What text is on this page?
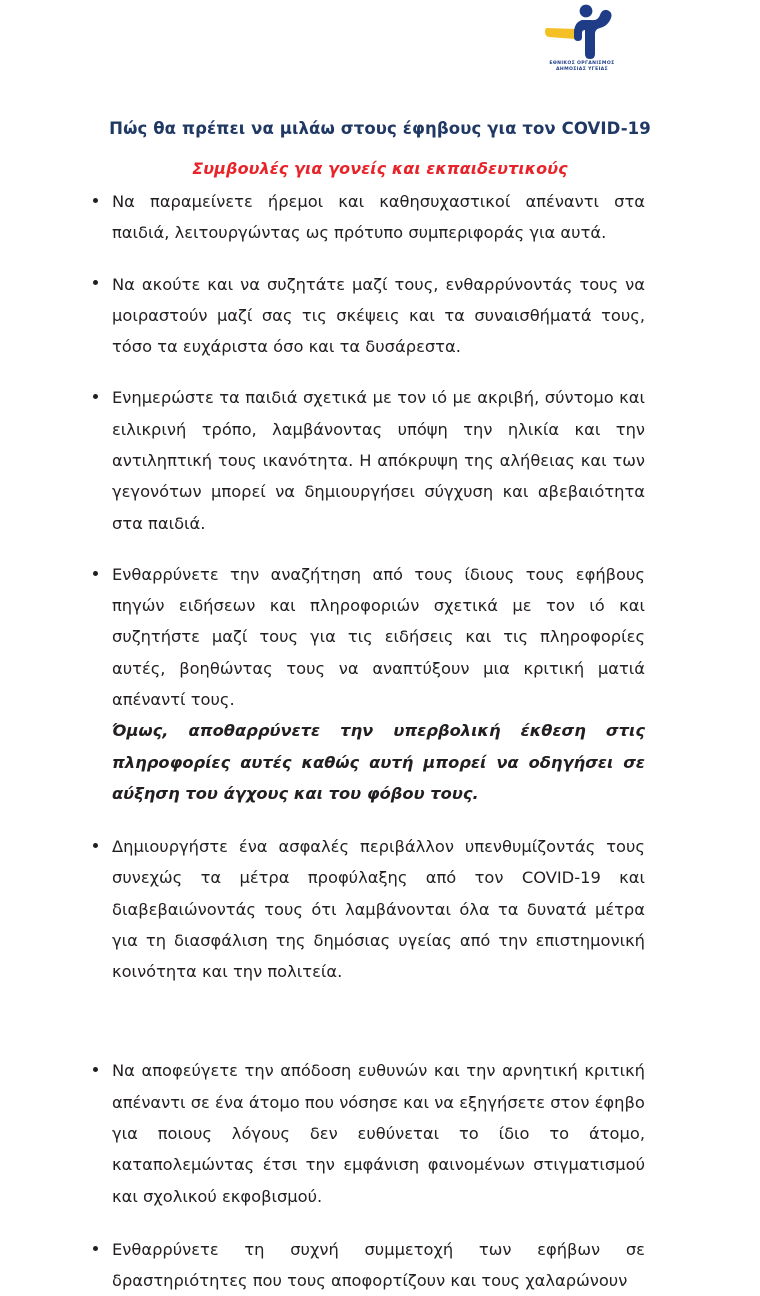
ΕΘΝΙΚΟΣ ΟΡΓΑΝΙΣΜΟΣ
ΔΗΜΟΣΙΑΣ ΥΓΕΙΑΣ
Πώς θα πρέπει να μιλάω στους έφηβους για τον COVID-19
Συμβουλές για γονείς και εκπαιδευτικούς
Να παραμείνετε ήρεμοι και καθησυχαστικοί απέναντι στα παιδιά, λειτουργώντας ως πρότυπο συμπεριφοράς για αυτά.
Να ακούτε και να συζητάτε μαζί τους, ενθαρρύνοντάς τους να μοιραστούν μαζί σας τις σκέψεις και τα συναισθήματά τους, τόσο τα ευχάριστα όσο και τα δυσάρεστα.
Ενημερώστε τα παιδιά σχετικά με τον ιό με ακριβή, σύντομο και ειλικρινή τρόπο, λαμβάνοντας υπόψη την ηλικία και την αντιληπτική τους ικανότητα. Η απόκρυψη της αλήθειας και των γεγονότων μπορεί να δημιουργήσει σύγχυση και αβεβαιότητα στα παιδιά.
Ενθαρρύνετε την αναζήτηση από τους ίδιους τους εφήβους πηγών ειδήσεων και πληροφοριών σχετικά με τον ιό και συζητήστε μαζί τους για τις ειδήσεις και τις πληροφορίες αυτές, βοηθώντας τους να αναπτύξουν μια κριτική ματιά απέναντί τους.
Όμως, αποθαρρύνετε την υπερβολική έκθεση στις πληροφορίες αυτές καθώς αυτή μπορεί να οδηγήσει σε αύξηση του άγχους και του φόβου τους.
Δημιουργήστε ένα ασφαλές περιβάλλον υπενθυμίζοντάς τους συνεχώς τα μέτρα προφύλαξης από τον COVID-19 και διαβεβαιώνοντάς τους ότι λαμβάνονται όλα τα δυνατά μέτρα για τη διασφάλιση της δημόσιας υγείας από την επιστημονική κοινότητα και την πολιτεία.
Να αποφεύγετε την απόδοση ευθυνών και την αρνητική κριτική απέναντι σε ένα άτομο που νόσησε και να εξηγήσετε στον έφηβο
για ποιους λόγους δεν ευθύνεται το ίδιο το άτομο, καταπολεμώντας έτσι την εμφάνιση φαινομένων στιγματισμού και σχολικού εκφοβισμού.
Ενθαρρύνετε τη συχνή συμμετοχή των εφήβων σε δραστηριότητες που τους αποφορτίζουν και τους χαλαρώνουν
